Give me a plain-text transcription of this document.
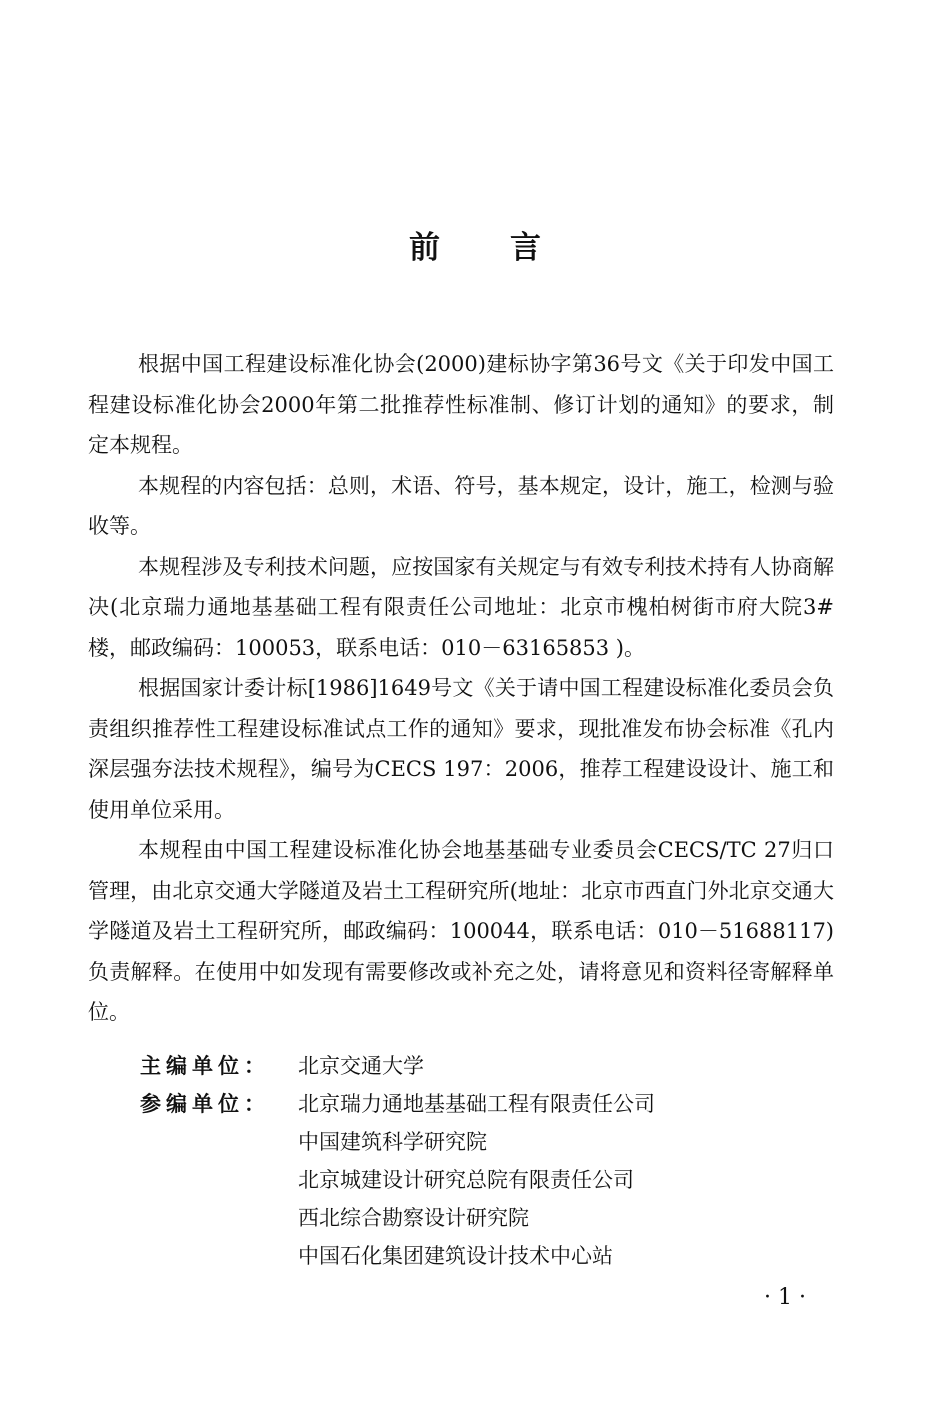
前言

根据中国工程建设标准化协会(2000)建标协字第36号文《关于印发中国工程建设标准化协会2000年第二批推荐性标准制、修订计划的通知》的要求，制定本规程。

本规程的内容包括：总则，术语、符号，基本规定，设计，施工，检测与验收等。

本规程涉及专利技术问题，应按国家有关规定与有效专利技术持有人协商解决(北京瑞力通地基基础工程有限责任公司地址：北京市槐柏树街市府大院3#楼，邮政编码：100053，联系电话：010－63165853 )。

根据国家计委计标[1986]1649号文《关于请中国工程建设标准化委员会负责组织推荐性工程建设标准试点工作的通知》要求，现批准发布协会标准《孔内深层强夯法技术规程》，编号为CECS 197：2006，推荐工程建设设计、施工和使用单位采用。

本规程由中国工程建设标准化协会地基基础专业委员会CECS/TC 27归口管理，由北京交通大学隧道及岩土工程研究所(地址：北京市西直门外北京交通大学隧道及岩土工程研究所，邮政编码：100044，联系电话：010－51688117)负责解释。在使用中如发现有需要修改或补充之处，请将意见和资料径寄解释单位。

主编单位：	北京交通大学
参编单位：	北京瑞力通地基基础工程有限责任公司
中国建筑科学研究院
北京城建设计研究总院有限责任公司
西北综合勘察设计研究院
中国石化集团建筑设计技术中心站
· 1 ·
